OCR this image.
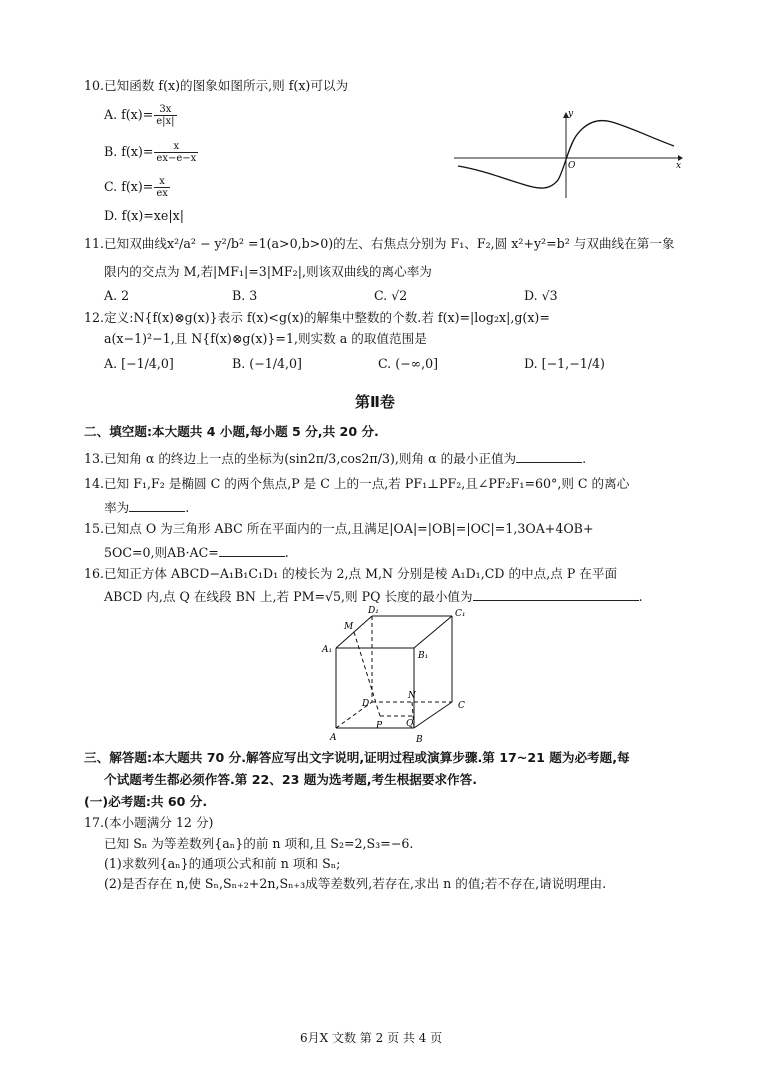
10.已知函数 f(x)的图象如图所示,则 f(x)可以为
A. $f(x)= \frac{3x}{e|x|}$
B. $f(x)= \frac{x}{ex-e-x}$
C. $f(x)= \frac{x}{ex}$
D. f(x)=xe|x|
y
x
O
11.已知双曲线x²/a² − y²/b² =1(a>0,b>0)的左、右焦点分别为 F₁、F₂,圆 x²+y²=b² 与双曲线在第一象
限内的交点为 M,若|MF₁|=3|MF₂|,则该双曲线的离心率为
A. 2	B. 3	C. √2	D. √3
12.定义:N{f(x)⊗g(x)}表示 f(x)<g(x)的解集中整数的个数.若 f(x)=|log₂x|,g(x)=
a(x−1)²−1,且 N{f(x)⊗g(x)}=1,则实数 a 的取值范围是
A. [−1/4,0]	B. (−1/4,0]	C. (−∞,0]	D. [−1,−1/4)
第Ⅱ卷
二、填空题:本大题共 4 小题,每小题 5 分,共 20 分.
13.已知角 α 的终边上一点的坐标为(sin2π/3,cos2π/3),则角 α 的最小正值为	.
14.已知 F₁,F₂ 是椭圆 C 的两个焦点,P 是 C 上的一点,若 PF₁⊥PF₂,且∠PF₂F₁=60°,则 C 的离心
率为	.
15.已知点 O 为三角形 ABC 所在平面内的一点,且满足|OA|=|OB|=|OC|=1,3OA+4OB+
5OC=0,则AB·AC=	.
16.已知正方体 ABCD−A₁B₁C₁D₁ 的棱长为 2,点 M,N 分别是棱 A₁D₁,CD 的中点,点 P 在平面
ABCD 内,点 Q 在线段 BN 上,若 PM=√5,则 PQ 长度的最小值为	.
D₁	C₁
A₁
B₁
M
D	C
A	B
N
P	Q
三、解答题:本大题共 70 分.解答应写出文字说明,证明过程或演算步骤.第 17~21 题为必考题,每
个试题考生都必须作答.第 22、23 题为选考题,考生根据要求作答.
(一)必考题:共 60 分.
17.(本小题满分 12 分)
已知 Sₙ 为等差数列{aₙ}的前 n 项和,且 S₂=2,S₃=−6.
(1)求数列{aₙ}的通项公式和前 n 项和 Sₙ;
(2)是否存在 n,使 Sₙ,Sₙ₊₂+2n,Sₙ₊₃成等差数列,若存在,求出 n 的值;若不存在,请说明理由.
6月X 文数 第 2 页 共 4 页
